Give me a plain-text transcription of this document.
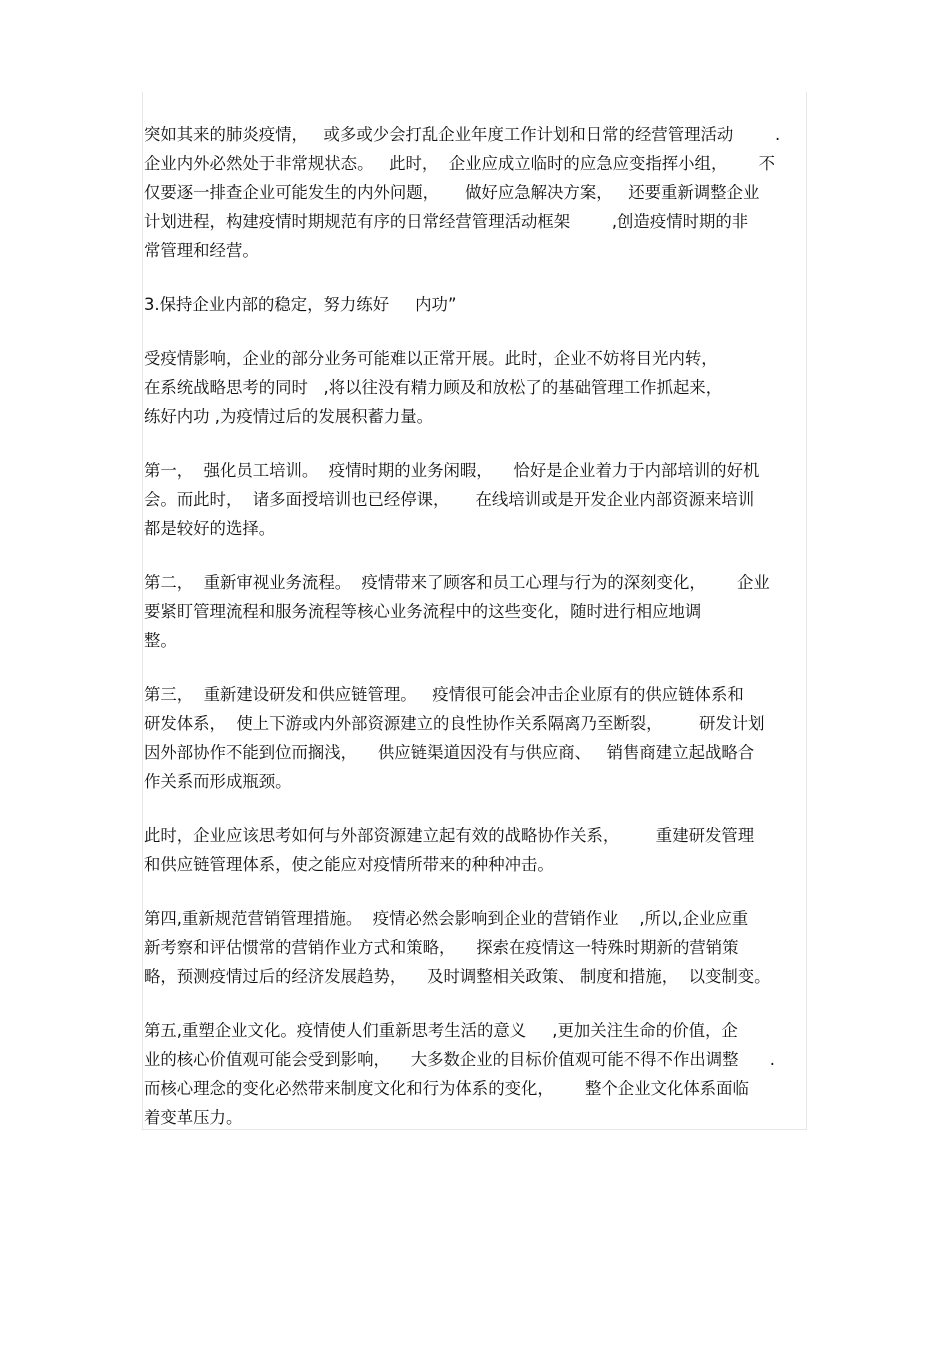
突如其来的肺炎疫情，   或多或少会打乱企业年度工作计划和日常的经营管理活动        .
企业内外必然处于非常规状态。   此时，  企业应成立临时的应急应变指挥小组，      不
仅要逐一排查企业可能发生的内外问题，     做好应急解决方案，   还要重新调整企业
计划进程，构建疫情时期规范有序的日常经营管理活动框架        ,创造疫情时期的非
常管理和经营。
3.保持企业内部的稳定，努力练好     内功”
受疫情影响，企业的部分业务可能难以正常开展。此时，企业不妨将目光内转，
在系统战略思考的同时   ,将以往没有精力顾及和放松了的基础管理工作抓起来，
练好内功 ,为疫情过后的发展积蓄力量。
第一，  强化员工培训。  疫情时期的业务闲暇，    恰好是企业着力于内部培训的好机
会。而此时，  诸多面授培训也已经停课，     在线培训或是开发企业内部资源来培训
都是较好的选择。
第二，  重新审视业务流程。  疫情带来了顾客和员工心理与行为的深刻变化，      企业
要紧盯管理流程和服务流程等核心业务流程中的这些变化，随时进行相应地调
整。
第三，  重新建设研发和供应链管理。   疫情很可能会冲击企业原有的供应链体系和
研发体系，  使上下游或内外部资源建立的良性协作关系隔离乃至断裂，       研发计划
因外部协作不能到位而搁浅，    供应链渠道因没有与供应商、   销售商建立起战略合
作关系而形成瓶颈。
此时，企业应该思考如何与外部资源建立起有效的战略协作关系，       重建研发管理
和供应链管理体系，使之能应对疫情所带来的种种冲击。
第四,重新规范营销管理措施。  疫情必然会影响到企业的营销作业    ,所以,企业应重
新考察和评估惯常的营销作业方式和策略，    探索在疫情这一特殊时期新的营销策
略，预测疫情过后的经济发展趋势，    及时调整相关政策、 制度和措施，  以变制变。
第五,重塑企业文化。疫情使人们重新思考生活的意义     ,更加关注生命的价值，企
业的核心价值观可能会受到影响，    大多数企业的目标价值观可能不得不作出调整      .
而核心理念的变化必然带来制度文化和行为体系的变化，      整个企业文化体系面临
着变革压力。
